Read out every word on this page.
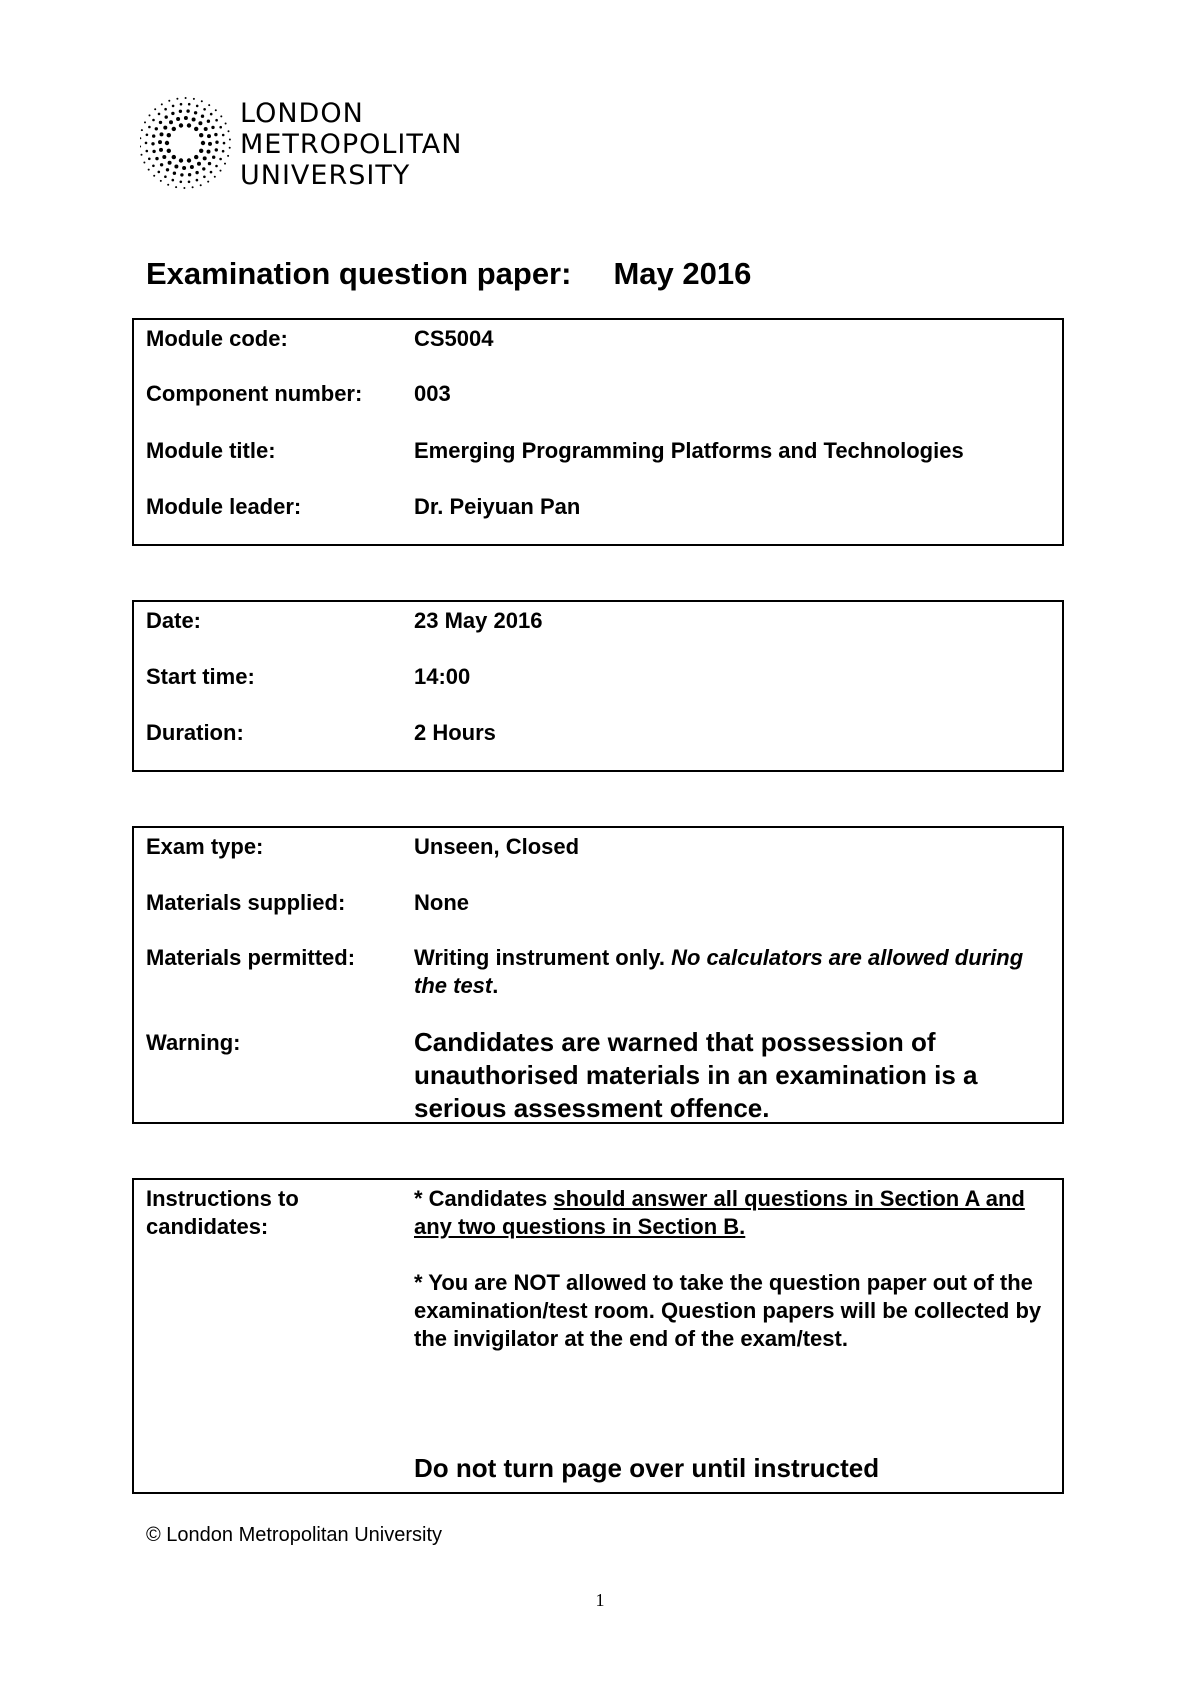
LONDON
METROPOLITAN
UNIVERSITY
Examination question paper: May 2016
Module code:	CS5004
Component number:	003
Module title:	Emerging Programming Platforms and Technologies
Module leader:	Dr. Peiyuan Pan
Date:	23 May 2016
Start time:	14:00
Duration:	2 Hours
Exam type:	Unseen, Closed
Materials supplied:	None
Materials permitted:	Writing instrument only. No calculators are allowed during the test.
Warning:	Candidates are warned that possession of unauthorised materials in an examination is a serious assessment offence.
Instructions to candidates:
* Candidates should answer all questions in Section A and any two questions in Section B.
* You are NOT allowed to take the question paper out of the examination/test room. Question papers will be collected by the invigilator at the end of the exam/test.
Do not turn page over until instructed
© London Metropolitan University
1
